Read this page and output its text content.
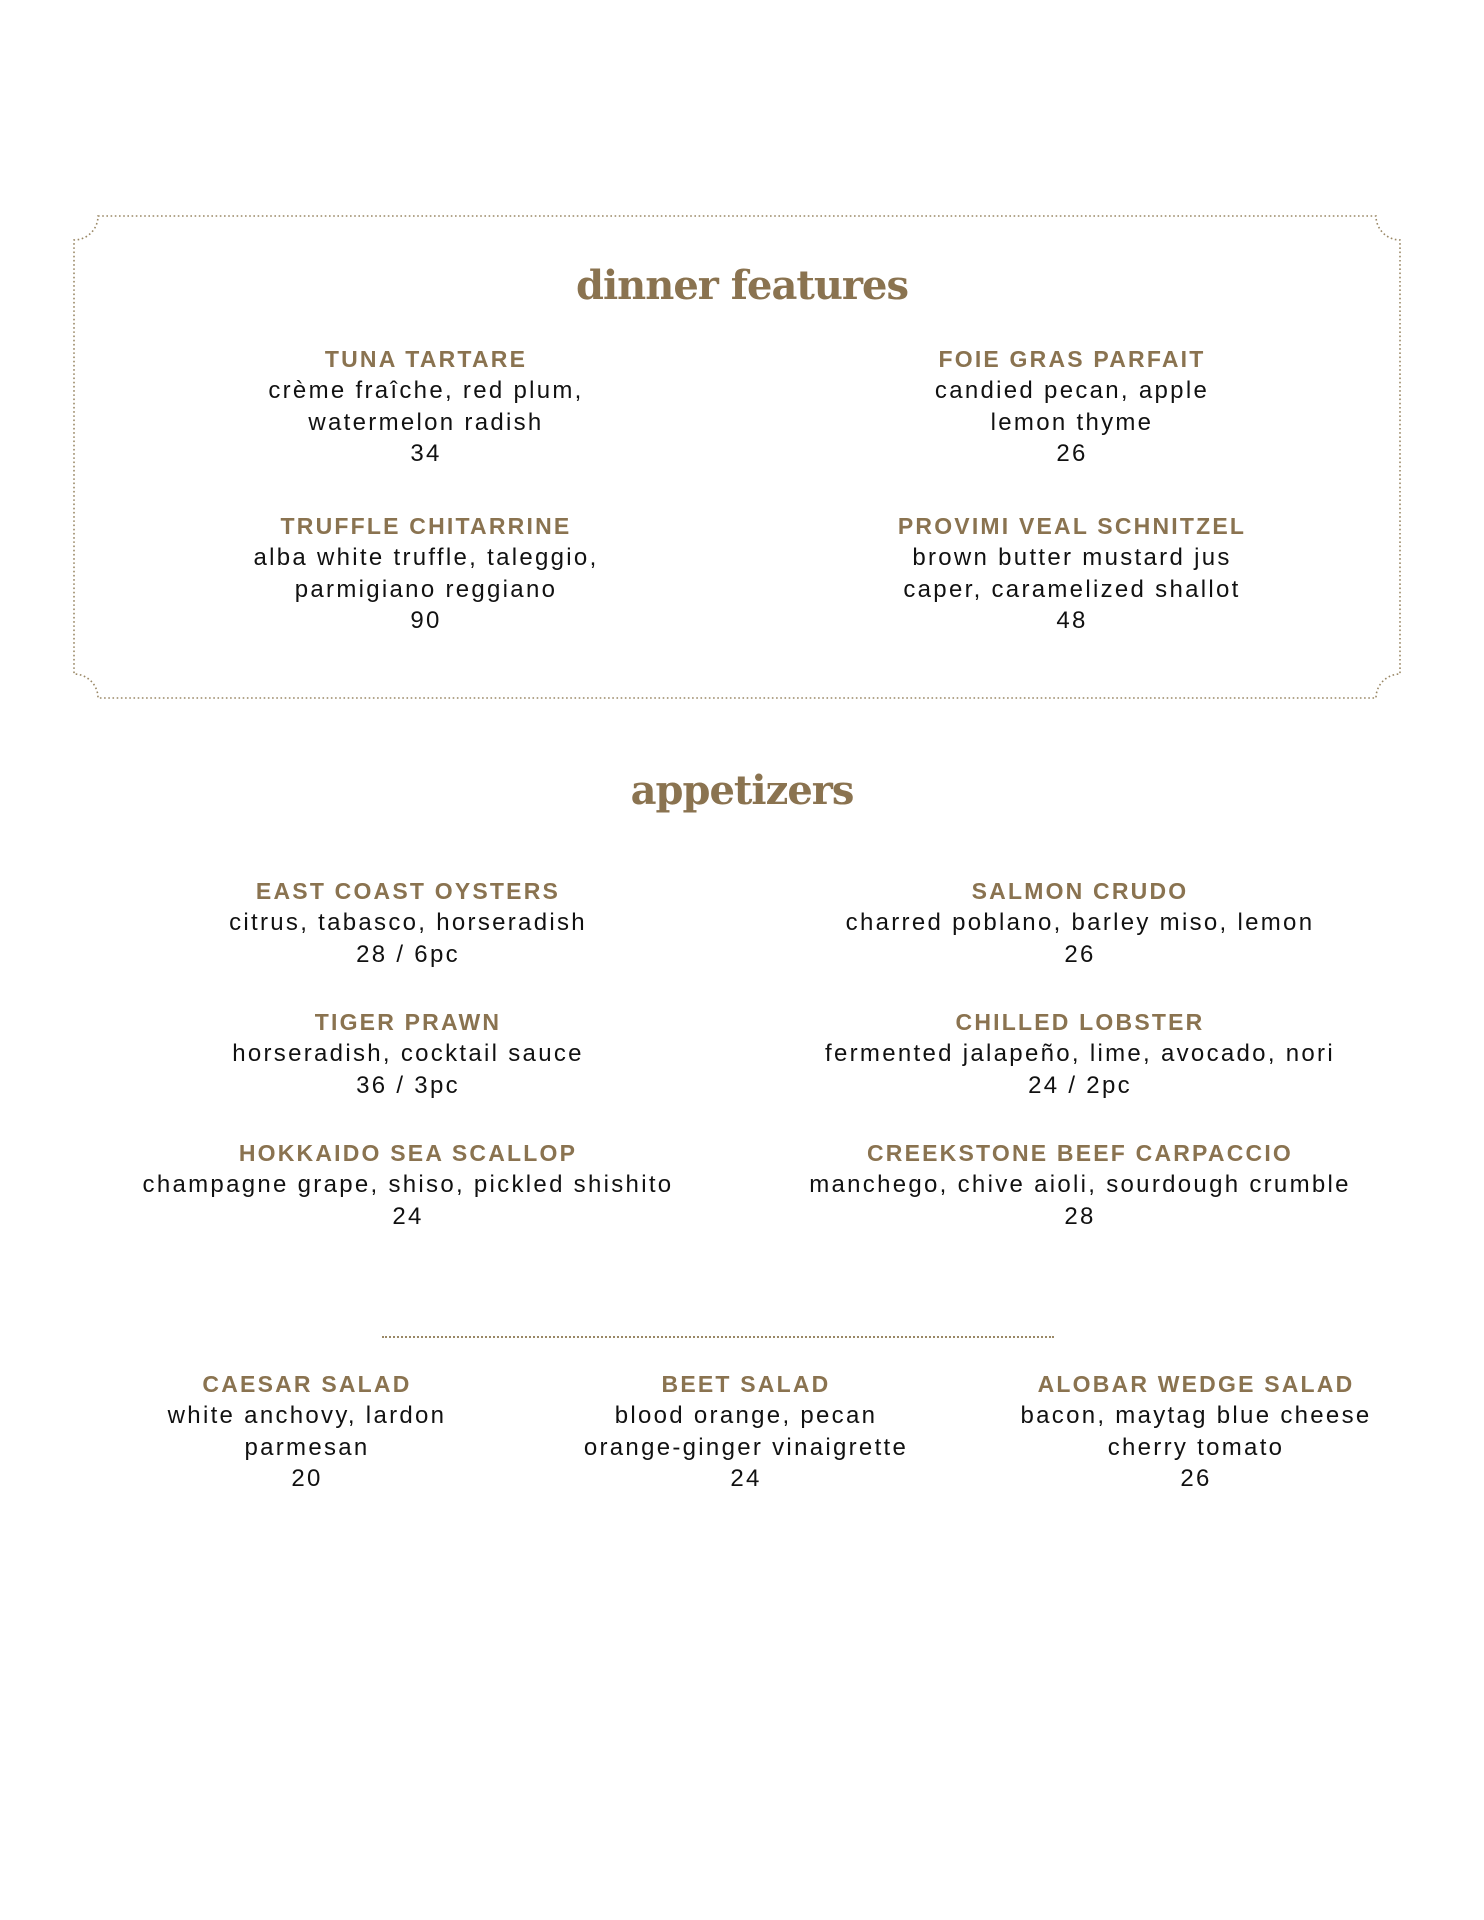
dinner features
TUNA TARTARE
crème fraîche, red plum,
watermelon radish
34
FOIE GRAS PARFAIT
candied pecan, apple
lemon thyme
26
TRUFFLE CHITARRINE
alba white truffle, taleggio,
parmigiano reggiano
90
PROVIMI VEAL SCHNITZEL
brown butter mustard jus
caper, caramelized shallot
48
appetizers
EAST COAST OYSTERS
citrus, tabasco, horseradish
28 / 6pc
SALMON CRUDO
charred poblano, barley miso, lemon
26
TIGER PRAWN
horseradish, cocktail sauce
36 / 3pc
CHILLED LOBSTER
fermented jalapeño, lime, avocado, nori
24 / 2pc
HOKKAIDO SEA SCALLOP
champagne grape, shiso, pickled shishito
24
CREEKSTONE BEEF CARPACCIO
manchego, chive aioli, sourdough crumble
28
CAESAR SALAD
white anchovy, lardon
parmesan
20
BEET SALAD
blood orange, pecan
orange-ginger vinaigrette
24
ALOBAR WEDGE SALAD
bacon, maytag blue cheese
cherry tomato
26
